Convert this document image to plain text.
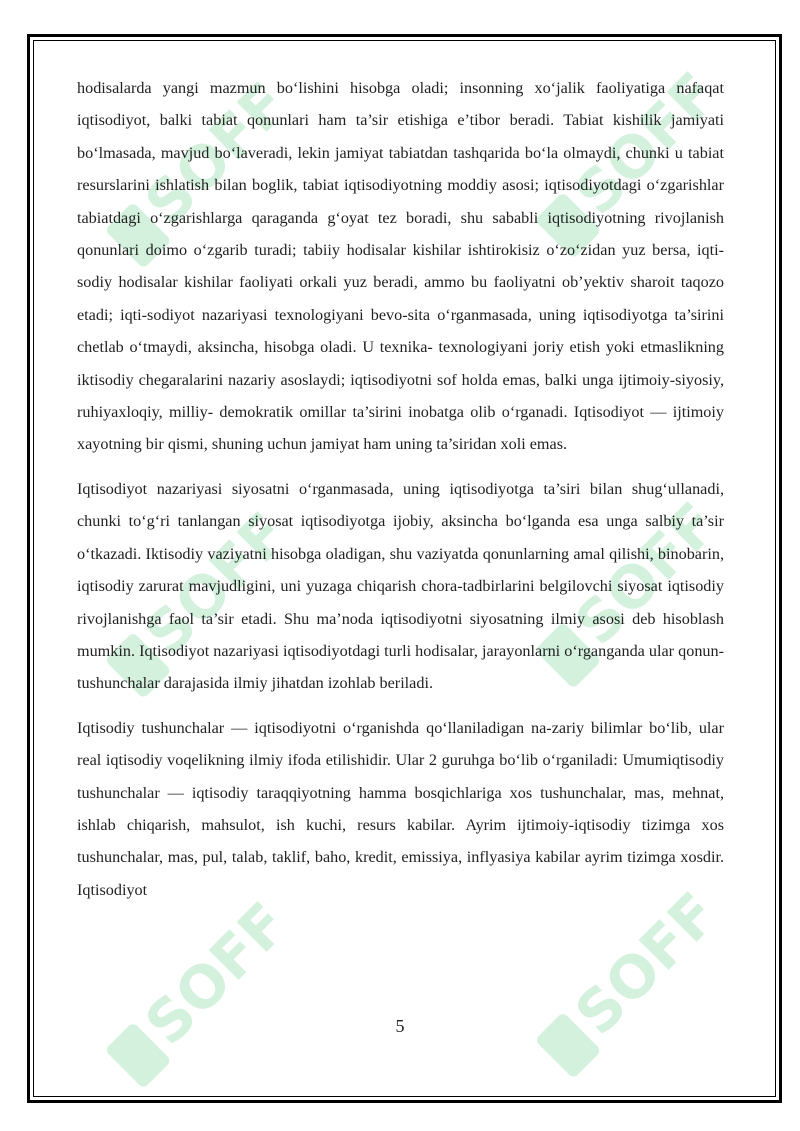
SOFF	SOFF
SOFF	SOFF
SOFF	SOFF

hodisalarda yangi mazmun bo‘lishini hisobga oladi; insonning xo‘jalik faoliyatiga nafaqat iqtisodiyot, balki tabiat qonunlari ham ta’sir etishiga e’tibor beradi. Tabiat kishilik jamiyati bo‘lmasada, mavjud bo‘laveradi, lekin jamiyat tabiatdan tashqarida bo‘la olmaydi, chunki u tabiat resurslarini ishlatish bilan boglik, tabiat iqtisodiyotning moddiy asosi; iqtisodiyotdagi o‘zgarishlar tabiatdagi o‘zgarishlarga qaraganda g‘oyat tez boradi, shu sababli iqtisodiyotning rivojlanish qonunlari doimo o‘zgarib turadi; tabiiy hodisalar kishilar ishtirokisiz o‘zo‘zidan yuz bersa, iqti-sodiy hodisalar kishilar faoliyati orkali yuz beradi, ammo bu faoliyatni ob’yektiv sharoit taqozo etadi; iqti-sodiyot nazariyasi texnologiyani bevo-sita o‘rganmasada, uning iqtisodiyotga ta’sirini chetlab o‘tmaydi, aksincha, hisobga oladi. U texnika- texnologiyani joriy etish yoki etmaslikning iktisodiy chegaralarini nazariy asoslaydi; iqtisodiyotni sof holda emas, balki unga ijtimoiy-siyosiy, ruhiyaxloqiy, milliy- demokratik omillar ta’sirini inobatga olib o‘rganadi. Iqtisodiyot — ijtimoiy xayotning bir qismi, shuning uchun jamiyat ham uning ta’siridan xoli emas.

Iqtisodiyot nazariyasi siyosatni o‘rganmasada, uning iqtisodiyotga ta’siri bilan shug‘ullanadi, chunki to‘g‘ri tanlangan siyosat iqtisodiyotga ijobiy, aksincha bo‘lganda esa unga salbiy ta’sir o‘tkazadi. Iktisodiy vaziyatni hisobga oladigan, shu vaziyatda qonunlarning amal qilishi, binobarin, iqtisodiy zarurat mavjudligini, uni yuzaga chiqarish chora-tadbirlarini belgilovchi siyosat iqtisodiy rivojlanishga faol ta’sir etadi. Shu ma’noda iqtisodiyotni siyosatning ilmiy asosi deb hisoblash mumkin. Iqtisodiyot nazariyasi iqtisodiyotdagi turli hodisalar, jarayonlarni o‘rganganda ular qonun-tushunchalar darajasida ilmiy jihatdan izohlab beriladi.

Iqtisodiy tushunchalar — iqtisodiyotni o‘rganishda qo‘llaniladigan na-zariy bilimlar bo‘lib, ular real iqtisodiy voqelikning ilmiy ifoda etilishidir. Ular 2 guruhga bo‘lib o‘rganiladi: Umumiqtisodiy tushunchalar — iqtisodiy taraqqiyotning hamma bosqichlariga xos tushunchalar, mas, mehnat, ishlab chiqarish, mahsulot, ish kuchi, resurs kabilar. Ayrim ijtimoiy-iqtisodiy tizimga xos tushunchalar, mas, pul, talab, taklif, baho, kredit, emissiya, inflyasiya kabilar ayrim tizimga xosdir. Iqtisodiyot

5
